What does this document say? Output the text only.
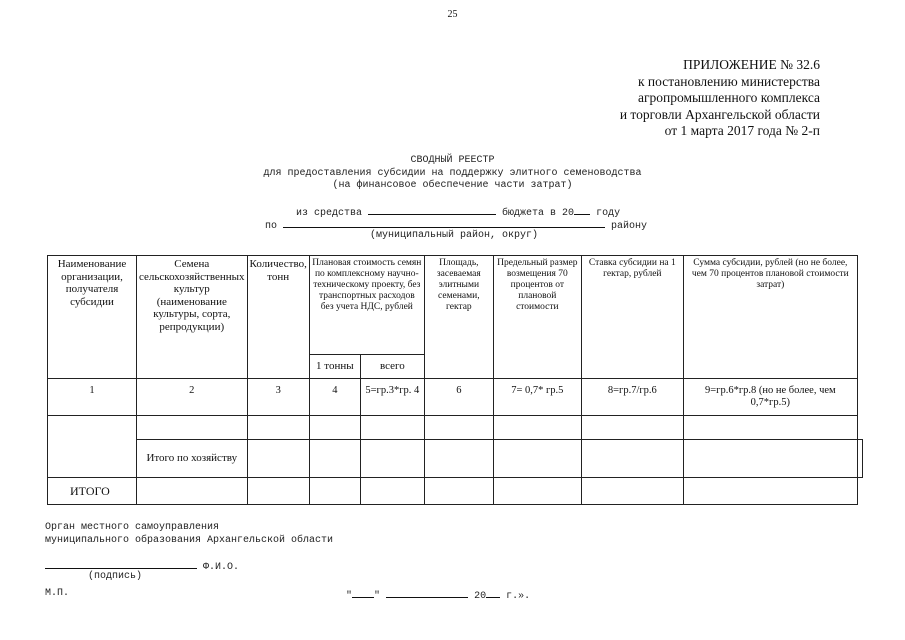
25
ПРИЛОЖЕНИЕ № 32.6
к постановлению министерства
агропромышленного комплекса
и торговли Архангельской области
от 1 марта 2017 года № 2-п
СВОДНЫЙ РЕЕСТР
для предоставления субсидии на поддержку элитного семеноводства
(на финансовое обеспечение части затрат)
из средства	бюджета в 20 году
по	району
(муниципальный район, округ)
Наименование организации, получателя субсидии	Семена сельскохозяйственных культур (наименование культуры, сорта, репродукции)	Количество, тонн	Плановая стоимость семян по комплексному научно-техническому проекту, без транспортных расходов без учета НДС, рублей		Площадь, засеваемая элитными семенами, гектар	Предельный размер возмещения 70 процентов от плановой стоимости	Ставка субсидии на 1 гектар, рублей	Сумма субсидии, рублей (но не более, чем 70 процентов плановой стоимости затрат)	
			1 тонны	всего					
1	2	3	4	5=гр.3*гр. 4	6	7= 0,7* гр.5	8=гр.7/гр.6	9=гр.6*гр.8 (но не более, чем 0,7*гр.5)	

	Итого по хозяйству								
ИТОГО									
Орган местного самоуправления
муниципального образования Архангельской области
Ф.И.О.
(подпись)
М.П.	" "	20 г.».
